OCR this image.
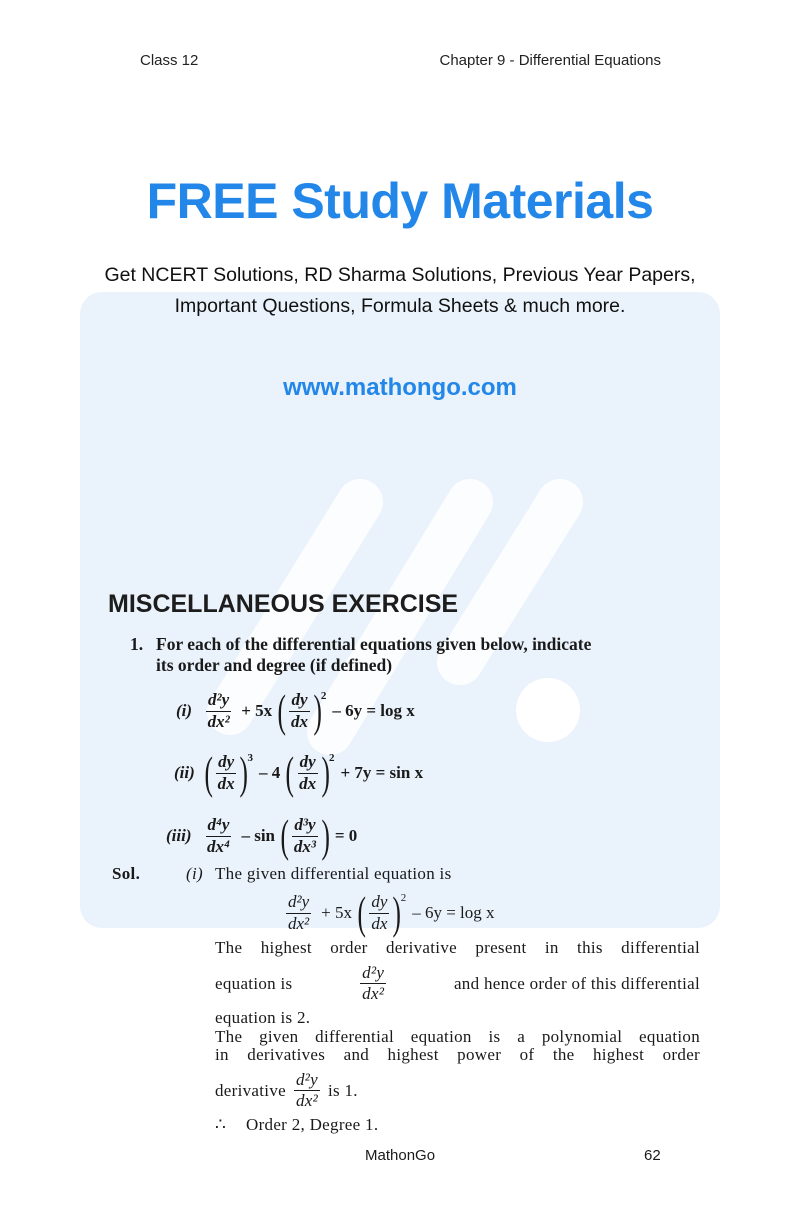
Class 12	Chapter 9 - Differential Equations
FREE Study Materials
Get NCERT Solutions, RD Sharma Solutions, Previous Year Papers,
Important Questions, Formula Sheets & much more.
www.mathongo.com
MISCELLANEOUS EXERCISE
1. For each of the differential equations given below, indicate
its order and degree (if defined)
$(i) \frac{\text{d²y}}{\text{dx²}} + 5x$ ( $\frac{dy}{dx}$ ) 2
– 6y = log x
(ii) ( $\frac{dy}{dx}$ ) 3
– 4 ( $\frac{dy}{dx}$ ) 2
+ 7y = sin x
$(iii) \frac{\text{d⁴y}}{\text{dx⁴}}$ – sin ( $\frac{\text{d³y}}{\text{dx³}}$ ) = 0
Sol.	(i) The given differential equation is
$\frac{\text{d²y}}{\text{dx²}} + 5x$ ( $\frac{dy}{dx}$ ) 2
– 6y = log x
The highest order derivative present in this differential
equation is	$\frac{\text{d²y}}{\text{dx²}}$	and hence order of this differential
equation is 2.
The given differential equation is a polynomial equation
in derivatives and highest power of the highest order
derivative $\frac{\text{d²y}}{\text{dx²}}$ is 1.
∴ Order 2, Degree 1.
MathonGo	62
